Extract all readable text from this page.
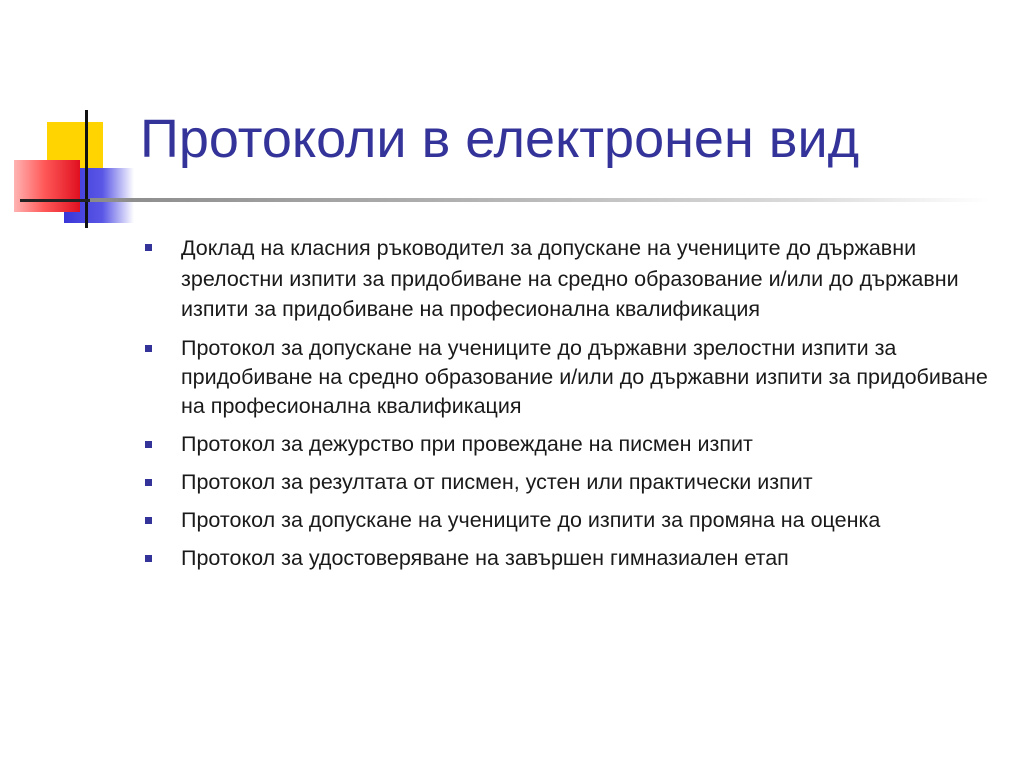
Протоколи в електронен вид
Доклад на класния ръководител за допускане на учениците до държавни зрелостни изпити за придобиване на средно образование и/или до държавни изпити за придобиване на професионална квалификация
Протокол за допускане на учениците до държавни зрелостни изпити за придобиване на средно образование и/или до държавни изпити за придобиване на професионална квалификация
Протокол за дежурство при провеждане на писмен изпит
Протокол за резултата от писмен, устен или практически изпит
Протокол за допускане на учениците до изпити за промяна на оценка
Протокол за удостоверяване на завършен гимназиален етап
